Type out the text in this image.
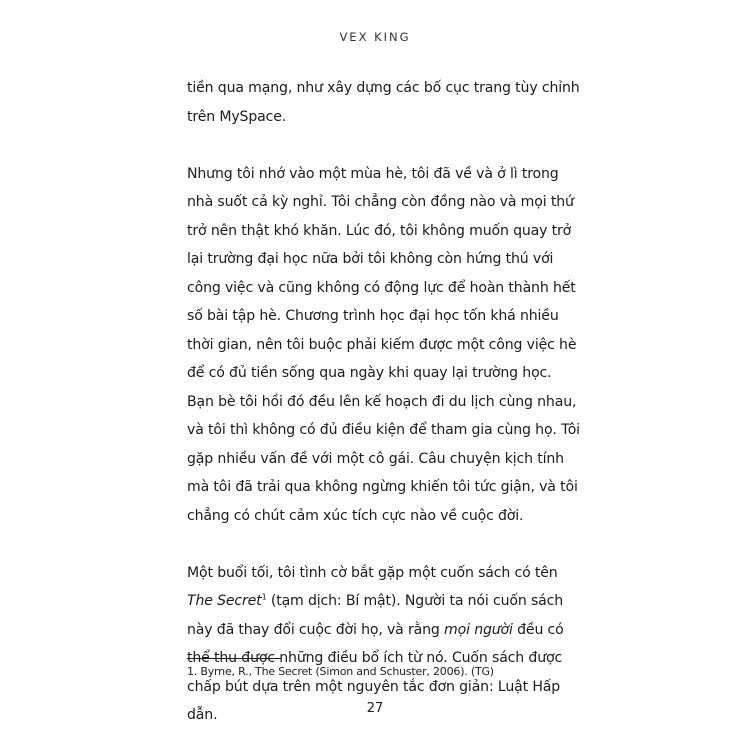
VEX KING

tiền qua mạng, như xây dựng các bố cục trang tùy chỉnh trên MySpace.

Nhưng tôi nhớ vào một mùa hè, tôi đã về và ở lì trong nhà suốt cả kỳ nghỉ. Tôi chẳng còn đồng nào và mọi thứ trở nên thật khó khăn. Lúc đó, tôi không muốn quay trở lại trường đại học nữa bởi tôi không còn hứng thú với công việc và cũng không có động lực để hoàn thành hết số bài tập hè. Chương trình học đại học tốn khá nhiều thời gian, nên tôi buộc phải kiếm được một công việc hè để có đủ tiền sống qua ngày khi quay lại trường học. Bạn bè tôi hồi đó đều lên kế hoạch đi du lịch cùng nhau, và tôi thì không có đủ điều kiện để tham gia cùng họ. Tôi gặp nhiều vấn đề với một cô gái. Câu chuyện kịch tính mà tôi đã trải qua không ngừng khiến tôi tức giận, và tôi chẳng có chút cảm xúc tích cực nào về cuộc đời.

Một buổi tối, tôi tình cờ bắt gặp một cuốn sách có tên The Secret$^1$ (tạm dịch: Bí mật). Người ta nói cuốn sách này đã thay đổi cuộc đời họ, và rằng mọi người đều có thể thu được những điều bổ ích từ nó. Cuốn sách được chấp bút dựa trên một nguyên tắc đơn giản: Luật Hấp dẫn.

1. Byrne, R., The Secret (Simon and Schuster, 2006). (TG)
27
